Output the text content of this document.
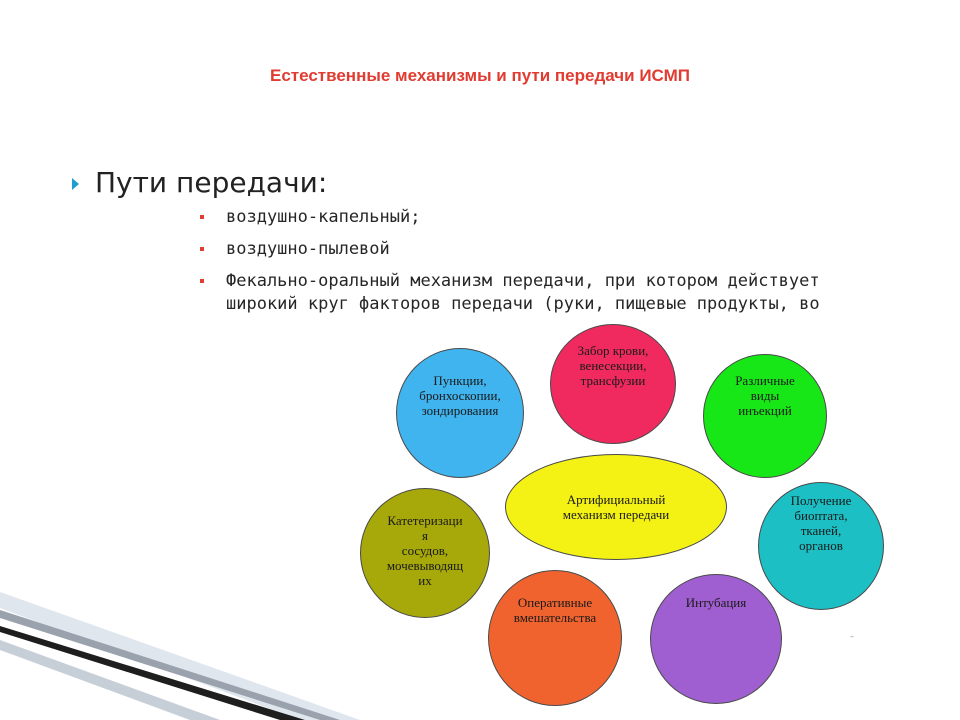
Естественные механизмы и пути передачи ИСМП
Пути передачи:
воздушно-капельный;
воздушно-пылевой
Фекально-оральный механизм передачи, при котором действует широкий круг факторов передачи (руки, пищевые продукты, во
Артифициальный
механизм передачи
Пункции,
бронхоскопии,
зондирования
Забор крови,
венесекции,
трансфузии	Различные
виды
инъекций
Получение
биоптата,
тканей,
органов
Интубация
Оперативные
вмешательства
Катетеризаци
я
сосудов,
мочевыводящ
их
–
